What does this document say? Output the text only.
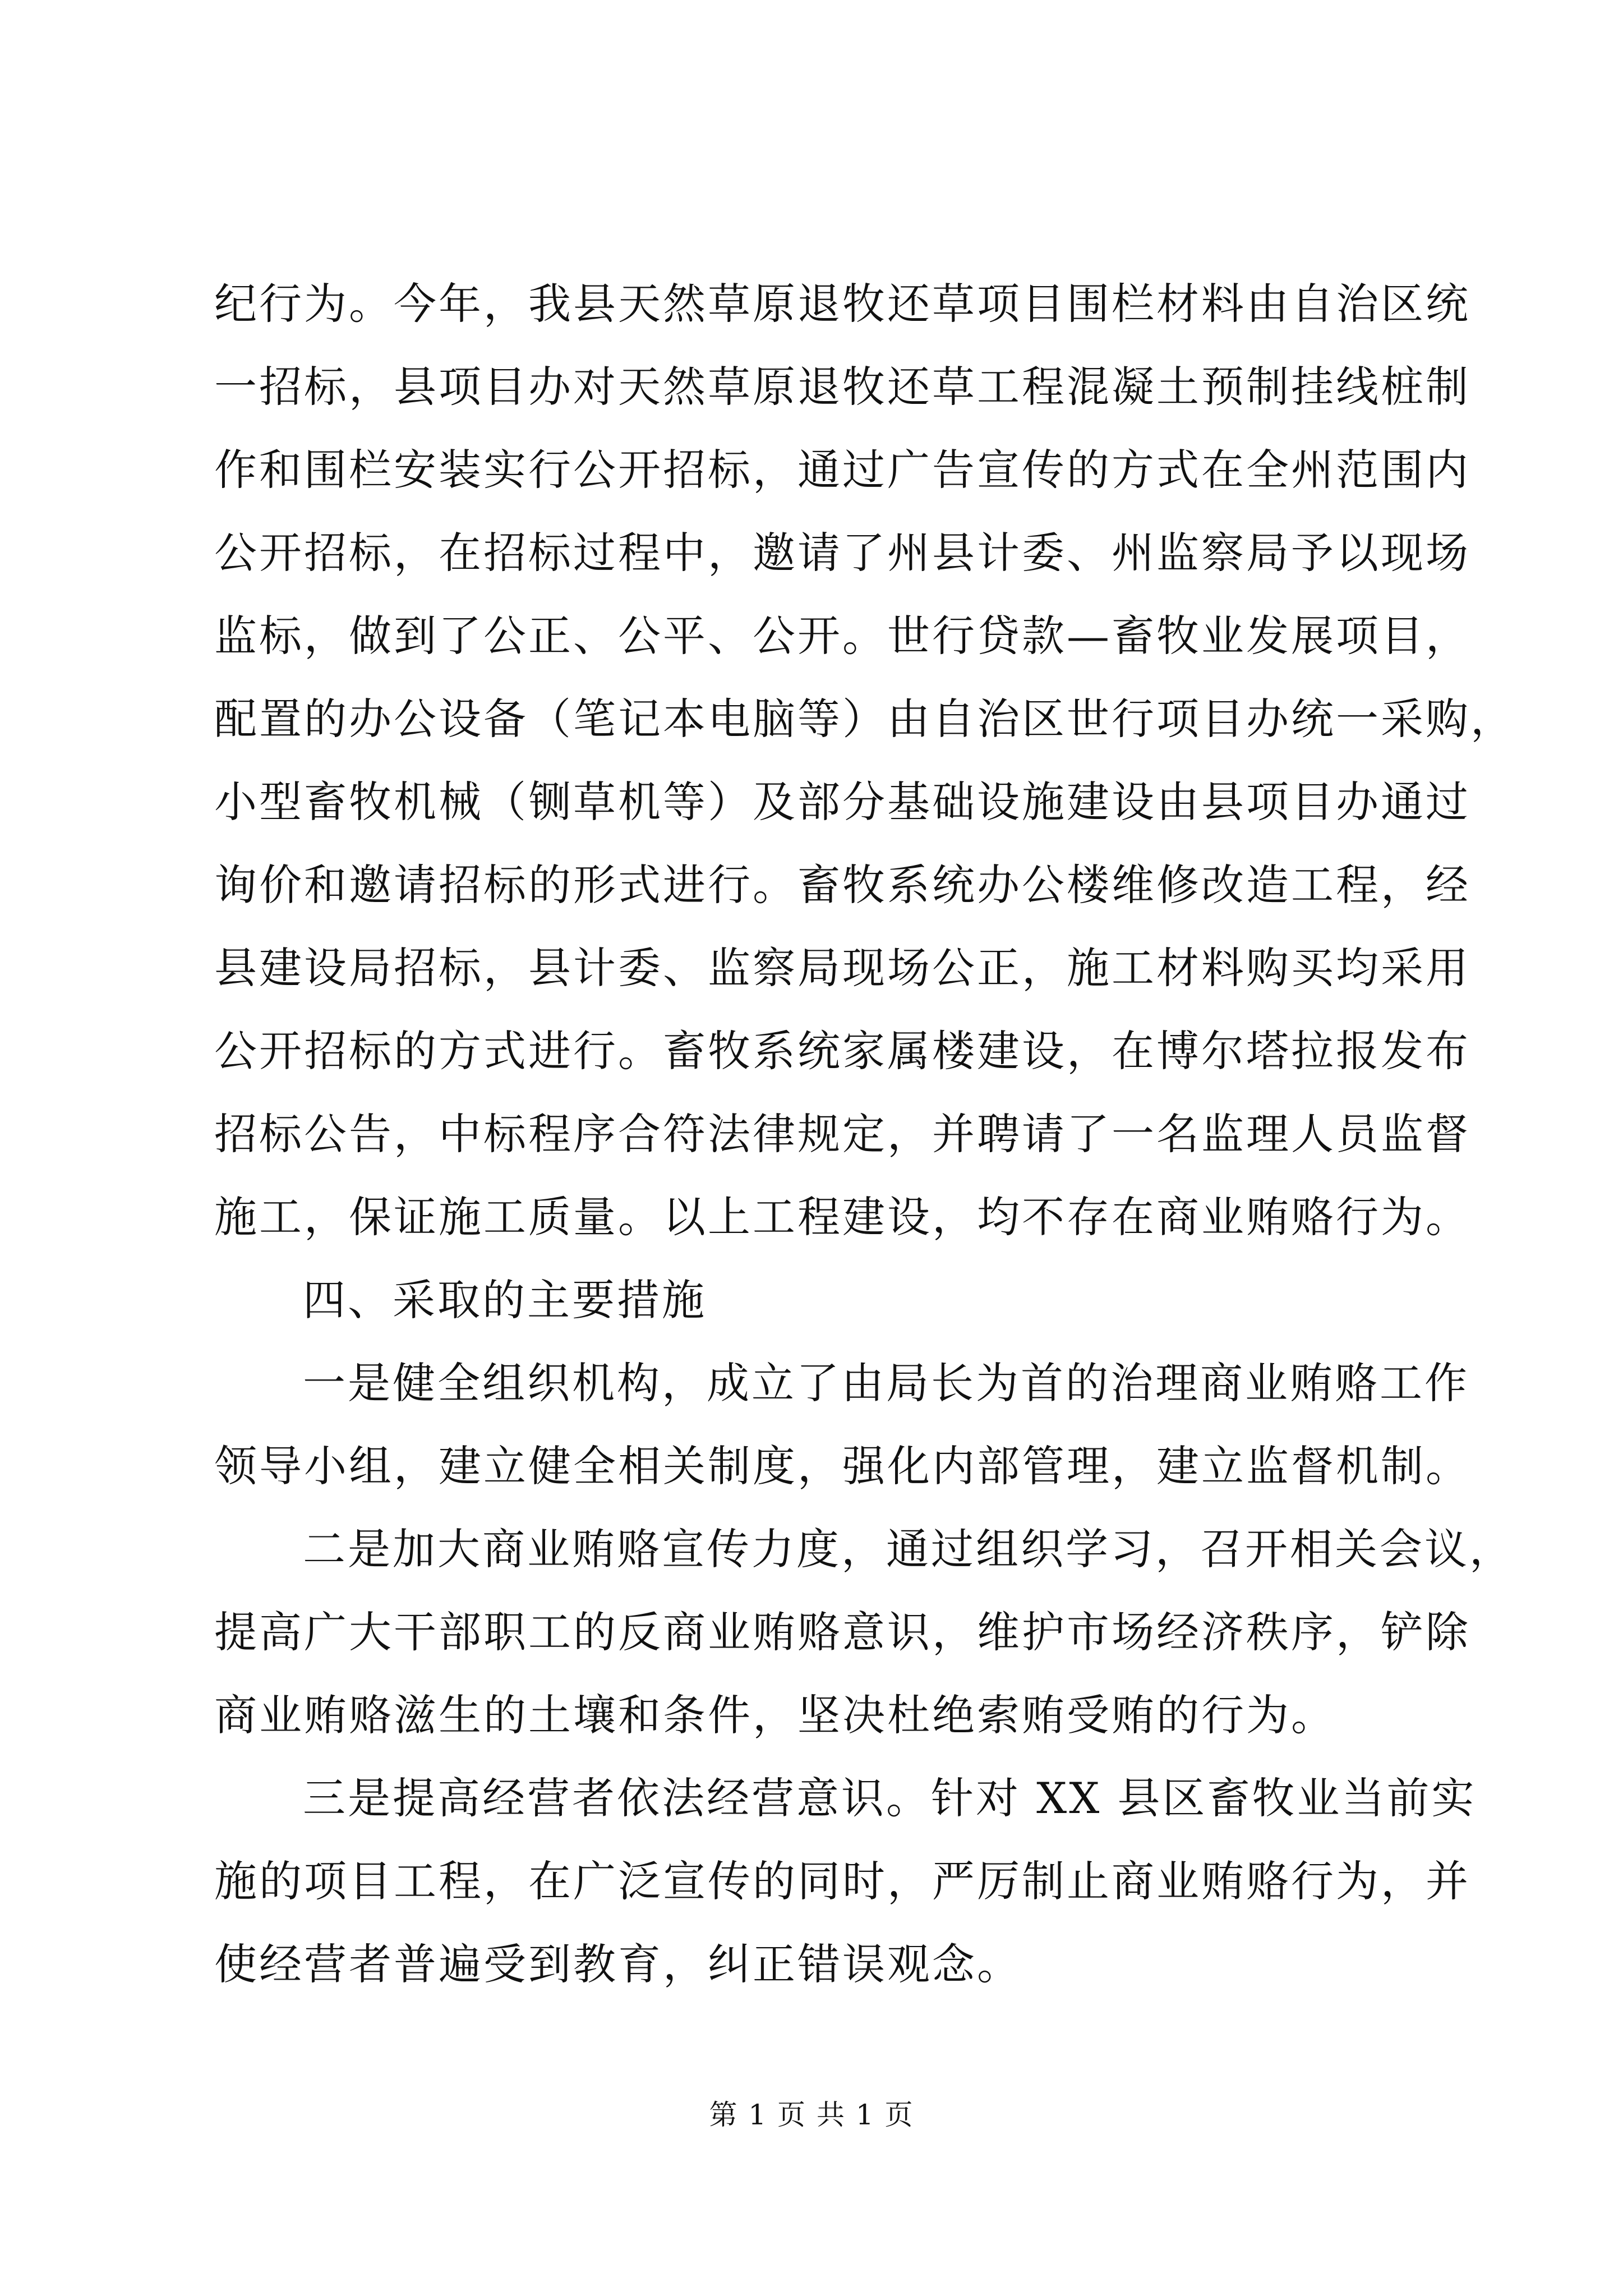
纪行为。今年，我县天然草原退牧还草项目围栏材料由自治区统
一招标，县项目办对天然草原退牧还草工程混凝土预制挂线桩制
作和围栏安装实行公开招标，通过广告宣传的方式在全州范围内
公开招标，在招标过程中，邀请了州县计委、州监察局予以现场
监标，做到了公正、公平、公开。世行贷款—畜牧业发展项目，
配置的办公设备（笔记本电脑等）由自治区世行项目办统一采购，
小型畜牧机械（铡草机等）及部分基础设施建设由县项目办通过
询价和邀请招标的形式进行。畜牧系统办公楼维修改造工程，经
县建设局招标，县计委、监察局现场公正，施工材料购买均采用
公开招标的方式进行。畜牧系统家属楼建设，在博尔塔拉报发布
招标公告，中标程序合符法律规定，并聘请了一名监理人员监督
施工，保证施工质量。以上工程建设，均不存在商业贿赂行为。
四、采取的主要措施
一是健全组织机构，成立了由局长为首的治理商业贿赂工作
领导小组，建立健全相关制度，强化内部管理，建立监督机制。
二是加大商业贿赂宣传力度，通过组织学习，召开相关会议，
提高广大干部职工的反商业贿赂意识，维护市场经济秩序，铲除
商业贿赂滋生的土壤和条件，坚决杜绝索贿受贿的行为。
三是提高经营者依法经营意识。针对 XX 县区畜牧业当前实
施的项目工程，在广泛宣传的同时，严厉制止商业贿赂行为，并
使经营者普遍受到教育，纠正错误观念。
第 1 页 共 1 页
